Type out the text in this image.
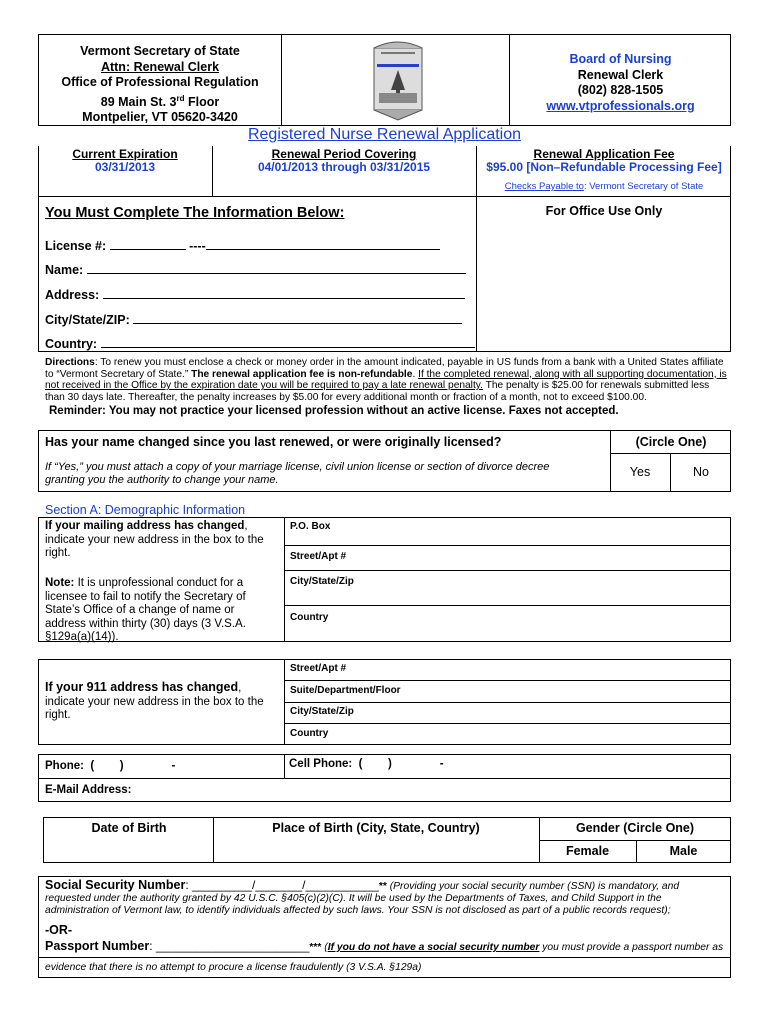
Vermont Secretary of State
Attn: Renewal Clerk
Office of Professional Regulation
89 Main St. 3rd Floor
Montpelier, VT 05620-3420
Board of Nursing
Renewal Clerk
(802) 828-1505
www.vtprofessionals.org
Registered Nurse Renewal Application
Current Expiration
03/31/2013
Renewal Period Covering
04/01/2013 through 03/31/2015
Renewal Application Fee
$95.00 [Non–Refundable Processing Fee]
Checks Payable to: Vermont Secretary of State
You Must Complete The Information Below:	For Office Use Only
License #:	----
Name:
Address:
City/State/ZIP:
Country:
Directions: To renew you must enclose a check or money order in the amount indicated, payable in US funds from a bank with a United States affiliate to “Vermont Secretary of State.” The renewal application fee is non-refundable. If the completed renewal, along with all supporting documentation, is not received in the Office by the expiration date you will be required to pay a late renewal penalty. The penalty is $25.00 for renewals submitted less than 30 days late. Thereafter, the penalty increases by $5.00 for every additional month or fraction of a month, not to exceed $100.00.
Reminder: You may not practice your licensed profession without an active license. Faxes not accepted.
Has your name changed since you last renewed, or were originally licensed?	(Circle One)
If “Yes,” you must attach a copy of your marriage license, civil union license or section of divorce decree granting you the authority to change your name.
Yes	No
Section A: Demographic Information
If your mailing address has changed, indicate your new address in the box to the right.
Note: It is unprofessional conduct for a licensee to fail to notify the Secretary of State’s Office of a change of name or address within thirty (30) days (3 V.S.A. §129a(a)(14)).
P.O. Box
Street/Apt #
City/State/Zip
Country
If your 911 address has changed, indicate your new address in the box to the right.
Street/Apt #
Suite/Department/Floor
City/State/Zip
Country
Phone:  (        )               -	Cell Phone:  (        )               -
E-Mail Address:
Date of Birth	Place of Birth (City, State, Country)	Gender (Circle One)
Female	Male
Social Security Number: _________/_______/___________** (Providing your social security number (SSN) is mandatory, and requested under the authority granted by 42 U.S.C. §405(c)(2)(C). It will be used by the Departments of Taxes, and Child Support in the administration of Vermont law, to identify individuals affected by such laws. Your SSN is not disclosed as part of a public records request);
-OR-
Passport Number: _______________________*** (If you do not have a social security number you must provide a passport number as
evidence that there is no attempt to procure a license fraudulently (3 V.S.A. §129a)
